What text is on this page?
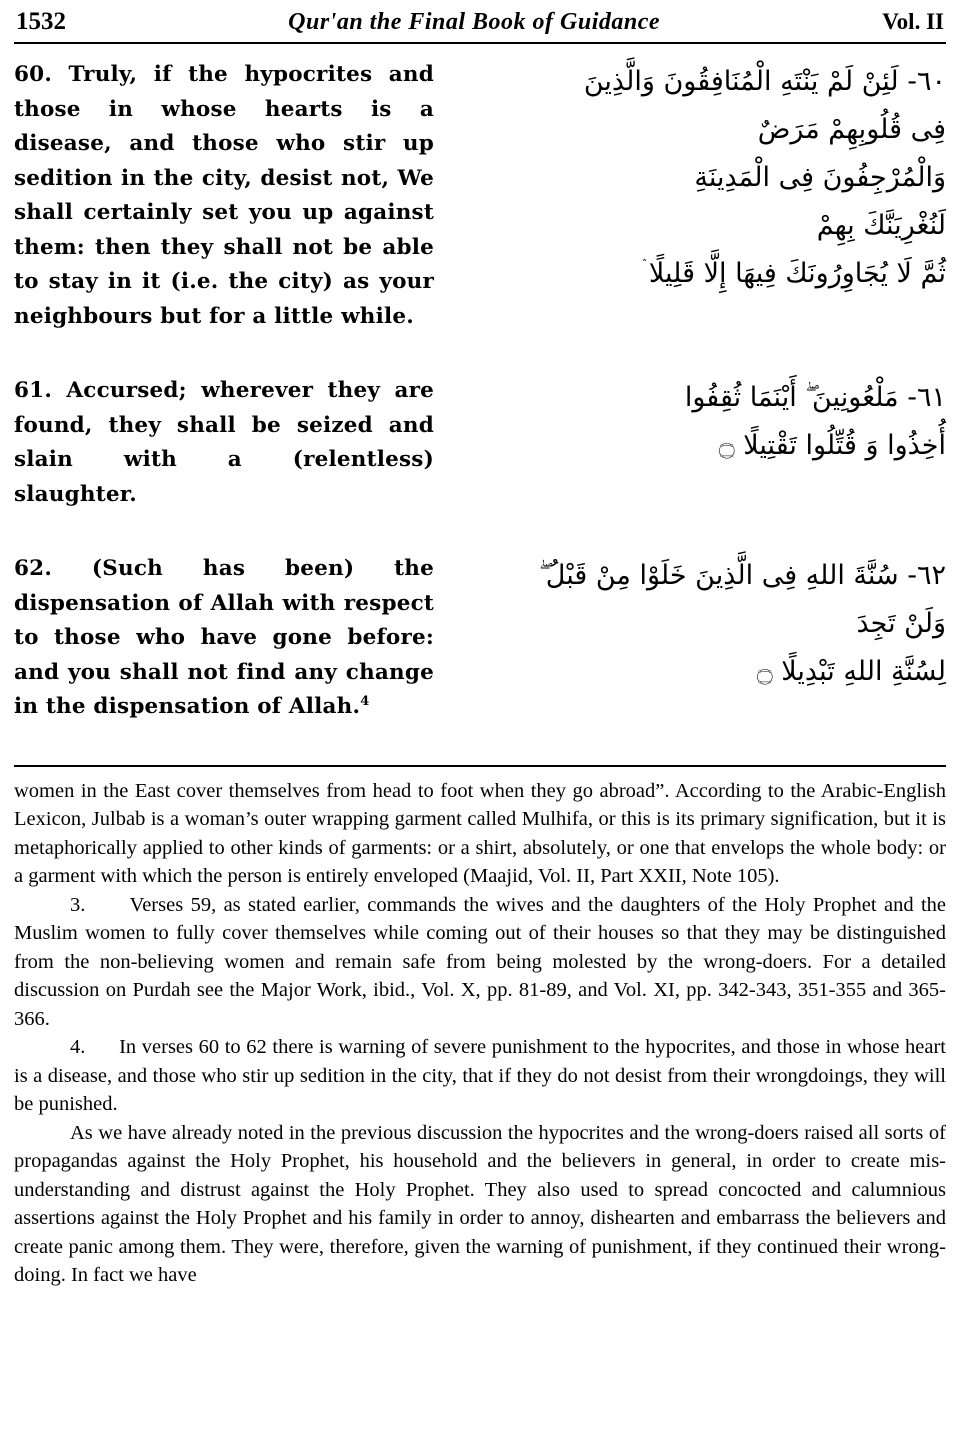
1532	Qur'an the Final Book of Guidance	Vol. II
60. Truly, if the hypocrites and those in whose hearts is a disease, and those who stir up sedition in the city, desist not, We shall certainly set you up against them: then they shall not be able to stay in it (i.e. the city) as your neighbours but for a little while.
٦٠- لَئِنْ لَمْ يَنْتَهِ الْمُنَافِقُونَ وَالَّذِينَ
فِى قُلُوبِهِمْ مَرَضٌ
وَالْمُرْجِفُونَ فِى الْمَدِينَةِ
لَنُغْرِيَنَّكَ بِهِمْ
ثُمَّ لَا يُجَاوِرُونَكَ فِيهَا إِلَّا قَلِيلًا ۛ
61. Accursed; wherever they are found, they shall be seized and slain with a (relentless) slaughter.
٦١- مَلْعُونِينَ ۖ أَيْنَمَا ثُقِفُوا
أُخِذُوا وَ قُتِّلُوا تَقْتِيلًا ۝
62. (Such has been) the dispensation of Allah with respect to those who have gone before: and you shall not find any change in the dispensation of Allah.$^4$
٦٢- سُنَّةَ اللهِ فِى الَّذِينَ خَلَوْا مِنْ قَبْلُ ۖ
وَلَنْ تَجِدَ
لِسُنَّةِ اللهِ تَبْدِيلًا ۝

women in the East cover themselves from head to foot when they go abroad”. According to the Arabic-English Lexicon, Julbab is a woman’s outer wrapping garment called Mulhifa, or this is its primary signification, but it is metaphorically applied to other kinds of garments: or a shirt, absolutely, or one that envelops the whole body: or a garment with which the person is entirely enveloped (Maajid, Vol. II, Part XXII, Note 105).

3. Verses 59, as stated earlier, commands the wives and the daughters of the Holy Prophet and the Muslim women to fully cover themselves while coming out of their houses so that they may be distinguished from the non-believing women and remain safe from being molested by the wrong-doers. For a detailed discussion on Purdah see the Major Work, ibid., Vol. X, pp. 81-89, and Vol. XI, pp. 342-343, 351-355 and 365-366.

4. In verses 60 to 62 there is warning of severe punishment to the hypocrites, and those in whose heart is a disease, and those who stir up sedition in the city, that if they do not desist from their wrongdoings, they will be punished.

As we have already noted in the previous discussion the hypocrites and the wrong-doers raised all sorts of propagandas against the Holy Prophet, his household and the believers in general, in order to create mis-understanding and distrust against the Holy Prophet. They also used to spread concocted and calumnious assertions against the Holy Prophet and his family in order to annoy, dishearten and embarrass the believers and create panic among them. They were, therefore, given the warning of punishment, if they continued their wrong-doing. In fact we have
